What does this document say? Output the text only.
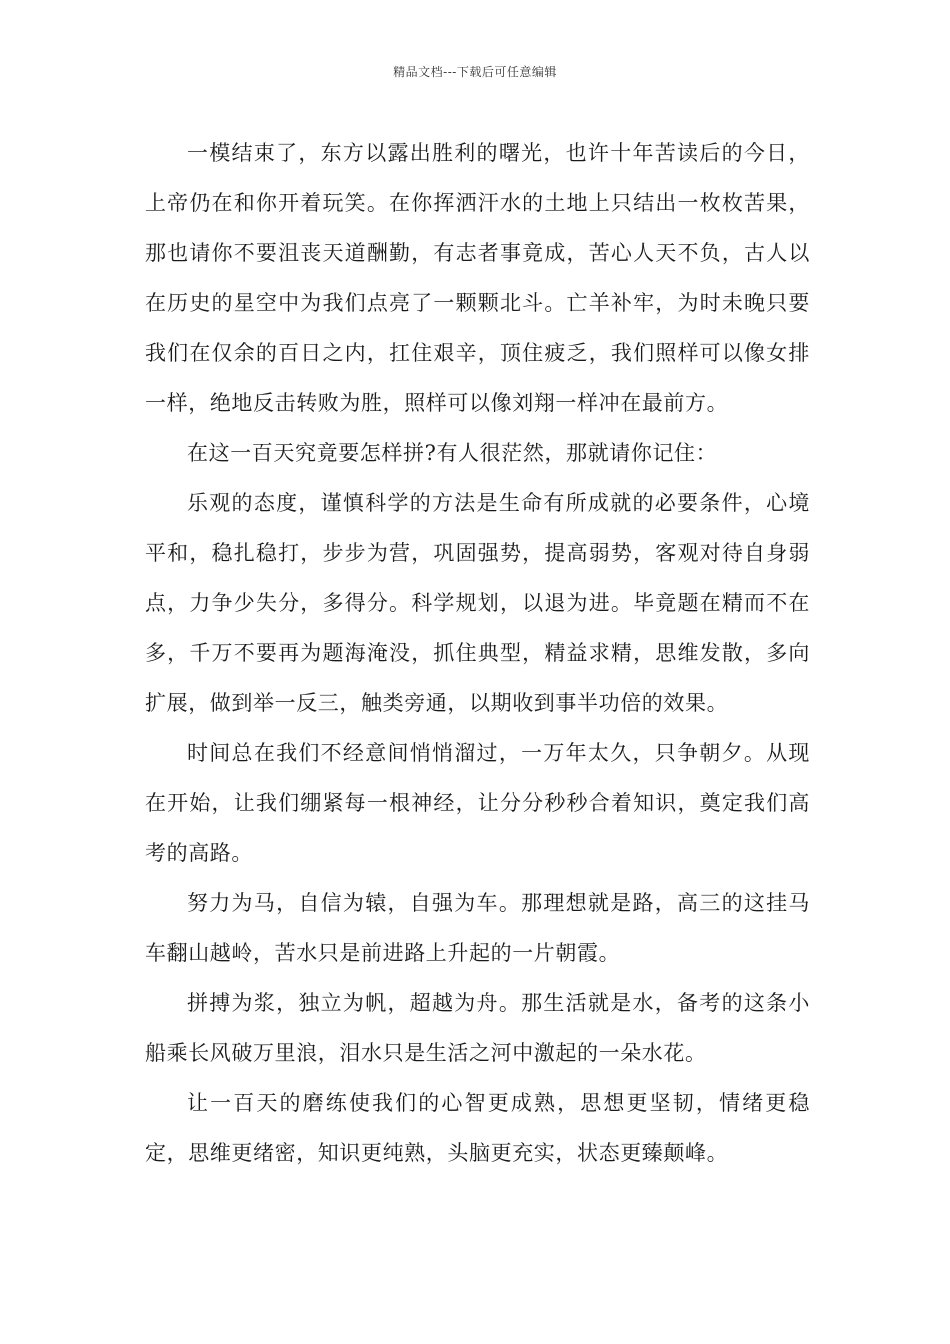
精品文档---下载后可任意编辑

一模结束了，东方以露出胜利的曙光，也许十年苦读后的今日，上帝仍在和你开着玩笑。在你挥洒汗水的土地上只结出一枚枚苦果，那也请你不要沮丧天道酬勤，有志者事竟成，苦心人天不负，古人以在历史的星空中为我们点亮了一颗颗北斗。亡羊补牢，为时未晚只要我们在仅余的百日之内，扛住艰辛，顶住疲乏，我们照样可以像女排一样，绝地反击转败为胜，照样可以像刘翔一样冲在最前方。

在这一百天究竟要怎样拼?有人很茫然，那就请你记住：

乐观的态度，谨慎科学的方法是生命有所成就的必要条件，心境平和，稳扎稳打，步步为营，巩固强势，提高弱势，客观对待自身弱点，力争少失分，多得分。科学规划，以退为进。毕竟题在精而不在多，千万不要再为题海淹没，抓住典型，精益求精，思维发散，多向扩展，做到举一反三，触类旁通，以期收到事半功倍的效果。

时间总在我们不经意间悄悄溜过，一万年太久，只争朝夕。从现在开始，让我们绷紧每一根神经，让分分秒秒合着知识，奠定我们高考的高路。

努力为马，自信为辕，自强为车。那理想就是路，高三的这挂马车翻山越岭，苦水只是前进路上升起的一片朝霞。

拼搏为浆，独立为帆，超越为舟。那生活就是水，备考的这条小船乘长风破万里浪，泪水只是生活之河中激起的一朵水花。

让一百天的磨练使我们的心智更成熟，思想更坚韧，情绪更稳定，思维更绪密，知识更纯熟，头脑更充实，状态更臻颠峰。
